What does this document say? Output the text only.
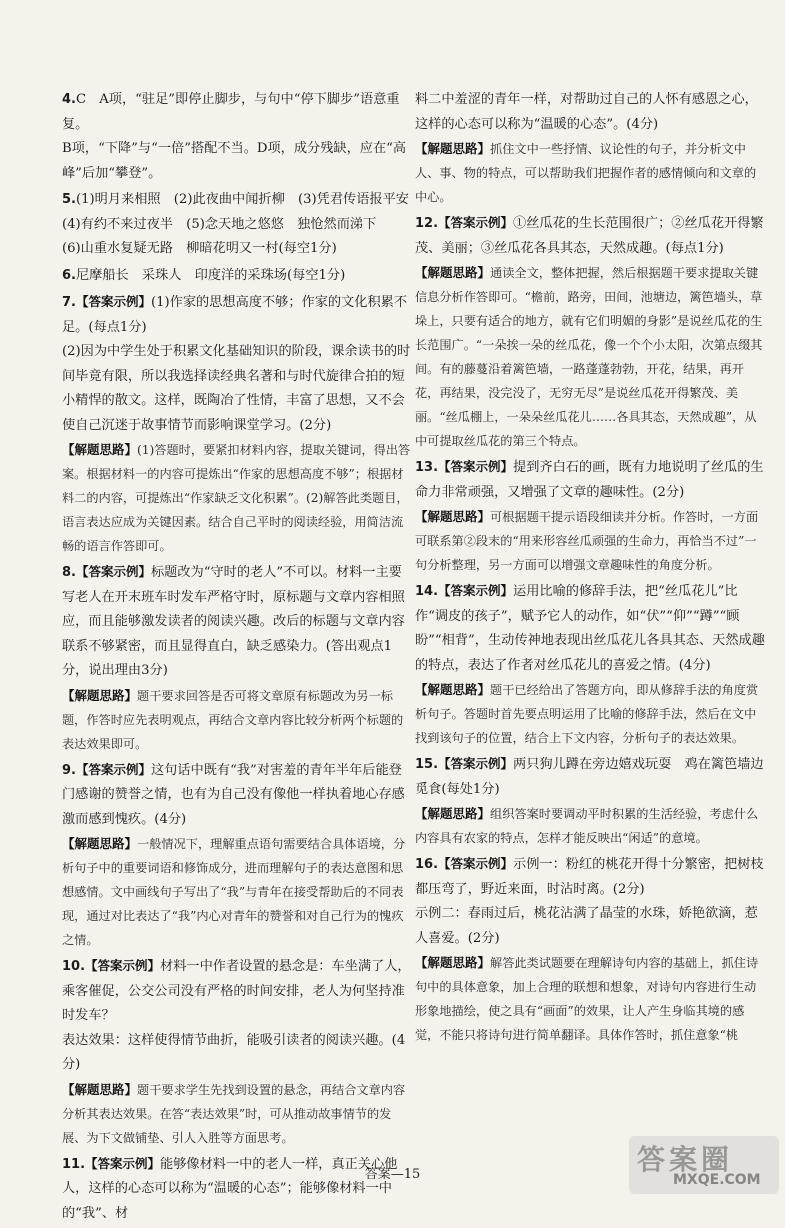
4.C　A项，“驻足”即停止脚步，与句中“停下脚步”语意重复。
B项，“下降”与“一倍”搭配不当。D项，成分残缺，应在“高峰”后加“攀登”。
5.(1)明月来相照　(2)此夜曲中闻折柳　(3)凭君传语报平安
(4)有约不来过夜半　(5)念天地之悠悠　独怆然而涕下
(6)山重水复疑无路　柳暗花明又一村(每空1分)
6.尼摩船长　采珠人　印度洋的采珠场(每空1分)
7.【答案示例】(1)作家的思想高度不够；作家的文化积累不足。(每点1分)
(2)因为中学生处于积累文化基础知识的阶段，课余读书的时间毕竟有限，所以我选择读经典名著和与时代旋律合拍的短小精悍的散文。这样，既陶冶了性情，丰富了思想，又不会使自己沉迷于故事情节而影响课堂学习。(2分)
【解题思路】(1)答题时，要紧扣材料内容，提取关键词，得出答案。根据材料一的内容可提炼出“作家的思想高度不够”；根据材料二的内容，可提炼出“作家缺乏文化积累”。(2)解答此类题目，语言表达应成为关键因素。结合自己平时的阅读经验，用简洁流畅的语言作答即可。
8.【答案示例】标题改为“守时的老人”不可以。材料一主要写老人在开末班车时发车严格守时，原标题与文章内容相照应，而且能够激发读者的阅读兴趣。改后的标题与文章内容联系不够紧密，而且显得直白，缺乏感染力。(答出观点1分，说出理由3分)
【解题思路】题干要求回答是否可将文章原有标题改为另一标题，作答时应先表明观点，再结合文章内容比较分析两个标题的表达效果即可。
9.【答案示例】这句话中既有“我”对害羞的青年半年后能登门感谢的赞誉之情，也有为自己没有像他一样执着地心存感激而感到愧疚。(4分)
【解题思路】一般情况下，理解重点语句需要结合具体语境，分析句子中的重要词语和修饰成分，进而理解句子的表达意图和思想感情。文中画线句子写出了“我”与青年在接受帮助后的不同表现，通过对比表达了“我”内心对青年的赞誉和对自己行为的愧疚之情。
10.【答案示例】材料一中作者设置的悬念是：车坐满了人，乘客催促，公交公司没有严格的时间安排，老人为何坚持准时发车？
表达效果：这样使得情节曲折，能吸引读者的阅读兴趣。(4分)
【解题思路】题干要求学生先找到设置的悬念，再结合文章内容分析其表达效果。在答“表达效果”时，可从推动故事情节的发展、为下文做铺垫、引人入胜等方面思考。
11.【答案示例】能够像材料一中的老人一样，真正关心他人，这样的心态可以称为“温暖的心态”；能够像材料一中的“我”、材
料二中羞涩的青年一样，对帮助过自己的人怀有感恩之心，这样的心态可以称为“温暖的心态”。(4分)
【解题思路】抓住文中一些抒情、议论性的句子，并分析文中人、事、物的特点，可以帮助我们把握作者的感情倾向和文章的中心。
12.【答案示例】①丝瓜花的生长范围很广；②丝瓜花开得繁茂、美丽；③丝瓜花各具其态，天然成趣。(每点1分)
【解题思路】通读全文，整体把握，然后根据题干要求提取关键信息分析作答即可。“檐前，路旁，田间，池塘边，篱笆墙头，草垛上，只要有适合的地方，就有它们明媚的身影”是说丝瓜花的生长范围广。“一朵挨一朵的丝瓜花，像一个个小太阳，次第点缀其间。有的藤蔓沿着篱笆墙，一路蓬蓬勃勃，开花，结果，再开花，再结果，没完没了，无穷无尽”是说丝瓜花开得繁茂、美丽。“丝瓜棚上，一朵朵丝瓜花儿……各具其态，天然成趣”，从中可提取丝瓜花的第三个特点。
13.【答案示例】提到齐白石的画，既有力地说明了丝瓜的生命力非常顽强，又增强了文章的趣味性。(2分)
【解题思路】可根据题干提示语段细读并分析。作答时，一方面可联系第②段末的“用来形容丝瓜顽强的生命力，再恰当不过”一句分析整理，另一方面可以增强文章趣味性的角度分析。
14.【答案示例】运用比喻的修辞手法，把“丝瓜花儿”比作“调皮的孩子”，赋予它人的动作，如“伏”“仰”“蹲”“顾盼”“相背”，生动传神地表现出丝瓜花儿各具其态、天然成趣的特点，表达了作者对丝瓜花儿的喜爱之情。(4分)
【解题思路】题干已经给出了答题方向，即从修辞手法的角度赏析句子。答题时首先要点明运用了比喻的修辞手法，然后在文中找到该句子的位置，结合上下文内容，分析句子的表达效果。
15.【答案示例】两只狗儿蹲在旁边嬉戏玩耍　鸡在篱笆墙边觅食(每处1分)
【解题思路】组织答案时要调动平时积累的生活经验，考虑什么内容具有农家的特点，怎样才能反映出“闲适”的意境。
16.【答案示例】示例一：粉红的桃花开得十分繁密，把树枝都压弯了，野近来面，时沾时离。(2分)
示例二：春雨过后，桃花沾满了晶莹的水珠，娇艳欲滴，惹人喜爱。(2分)
【解题思路】解答此类试题要在理解诗句内容的基础上，抓住诗句中的具体意象，加上合理的联想和想象，对诗句内容进行生动形象地描绘，使之具有“画面”的效果，让人产生身临其境的感觉，不能只将诗句进行简单翻译。具体作答时，抓住意象“桃
答案—15	答案圈
MXQE.COM
